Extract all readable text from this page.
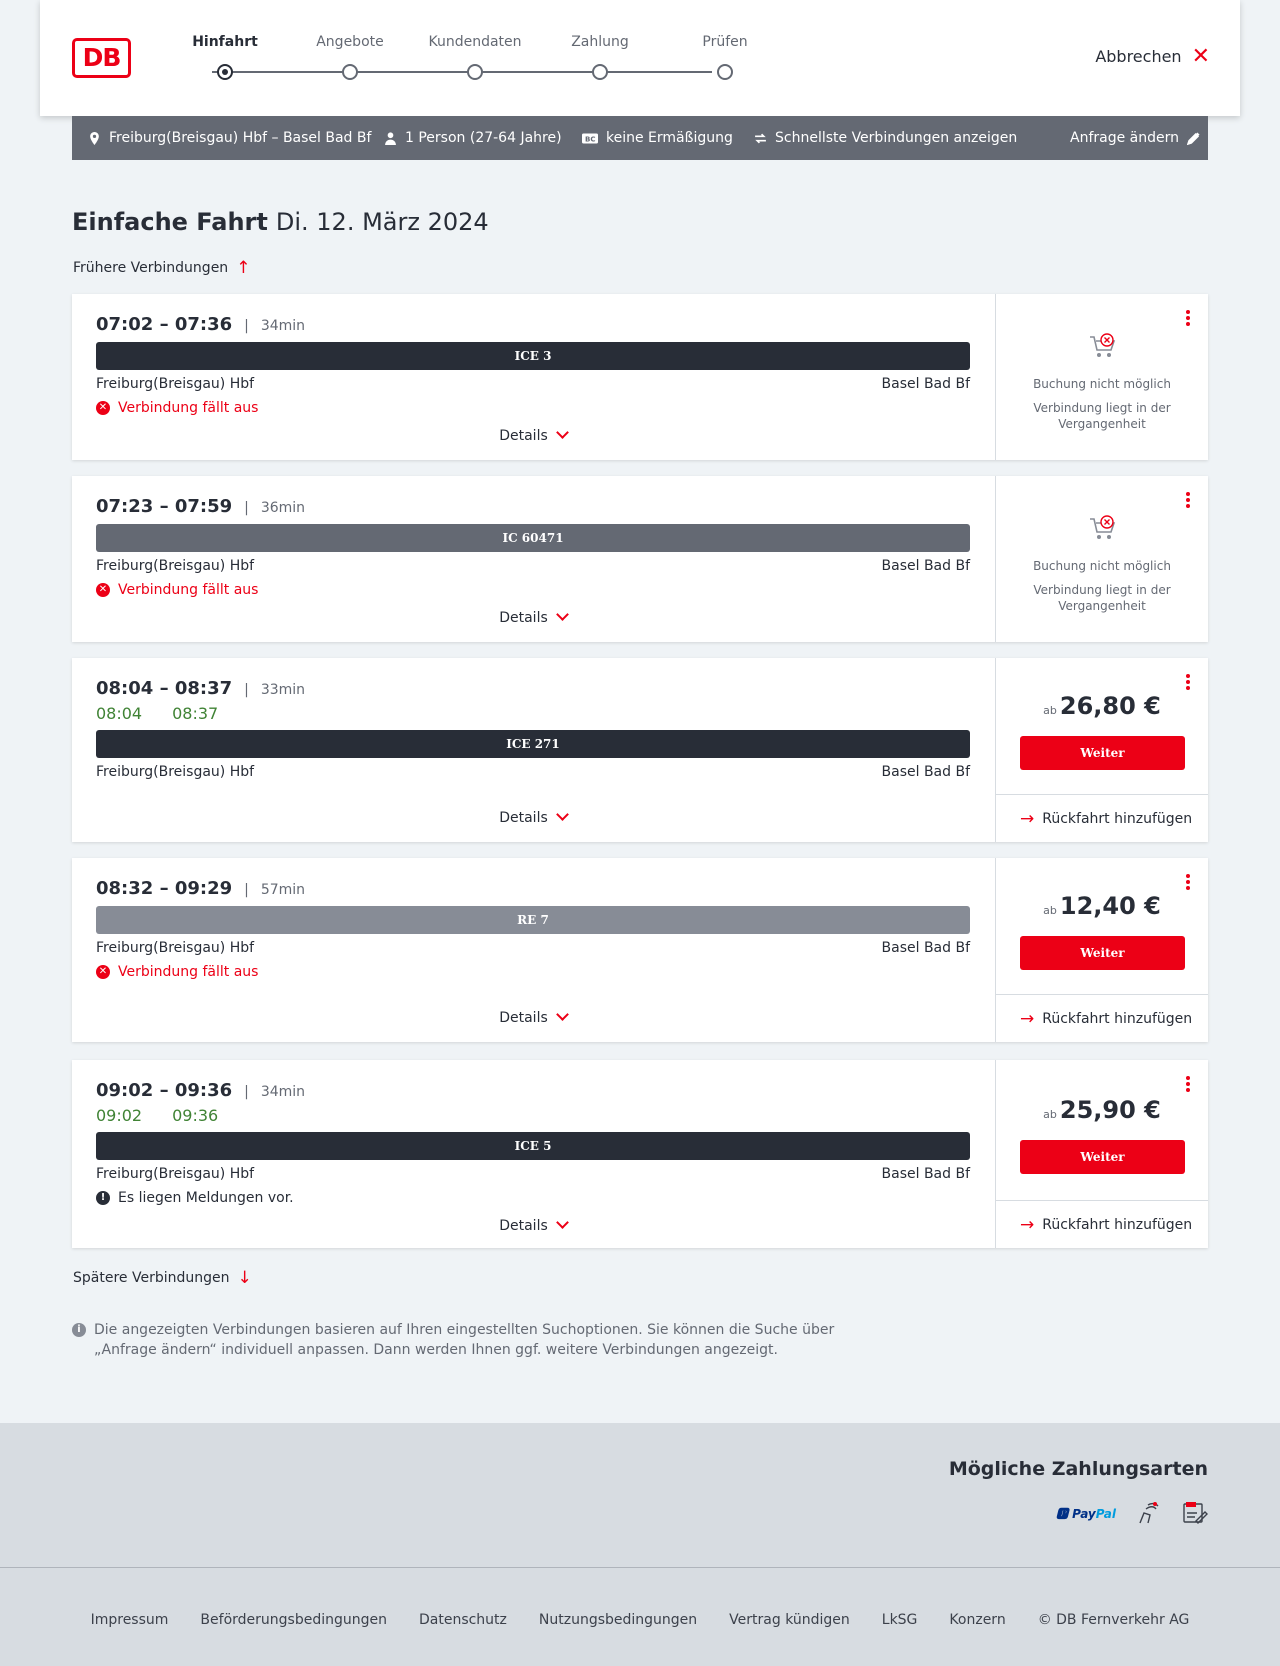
DB
Hinfahrt	Angebote	Kundendaten	Zahlung	Prüfen
Abbrechen ✕
Freiburg(Breisgau) Hbf – Basel Bad Bf 1 Person (27-64 Jahre)	BC keine Ermäßigung	Schnellste Verbindungen anzeigen	Anfrage ändern
Einfache Fahrt Di. 12. März 2024
Frühere Verbindungen ↑
07:02 – 07:36 | 34min
ICE 3
Freiburg(Breisgau) Hbf	Basel Bad Bf
✕ Verbindung fällt aus
Details
Buchung nicht möglich
Verbindung liegt in der Vergangenheit
07:23 – 07:59 | 36min
IC 60471
Freiburg(Breisgau) Hbf	Basel Bad Bf
✕ Verbindung fällt aus
Details
Buchung nicht möglich
Verbindung liegt in der Vergangenheit
08:04 – 08:37 | 33min
08:04 08:37
ICE 271
Freiburg(Breisgau) Hbf	Basel Bad Bf
Details
ab 26,80 €
Weiter
→ Rückfahrt hinzufügen
08:32 – 09:29 | 57min
RE 7
Freiburg(Breisgau) Hbf	Basel Bad Bf
✕ Verbindung fällt aus
Details
ab 12,40 €
Weiter
→ Rückfahrt hinzufügen
09:02 – 09:36 | 34min
09:02 09:36
ICE 5
Freiburg(Breisgau) Hbf	Basel Bad Bf
! Es liegen Meldungen vor.
Details
ab 25,90 €
Weiter
→ Rückfahrt hinzufügen
Spätere Verbindungen ↓
i Die angezeigten Verbindungen basieren auf Ihren eingestellten Suchoptionen. Sie können die Suche über „Anfrage ändern“ individuell anpassen. Dann werden Ihnen ggf. weitere Verbindungen angezeigt.
Mögliche Zahlungsarten
🅿 PayPal
Impressum Beförderungsbedingungen Datenschutz Nutzungsbedingungen Vertrag kündigen LkSG Konzern © DB Fernverkehr AG
